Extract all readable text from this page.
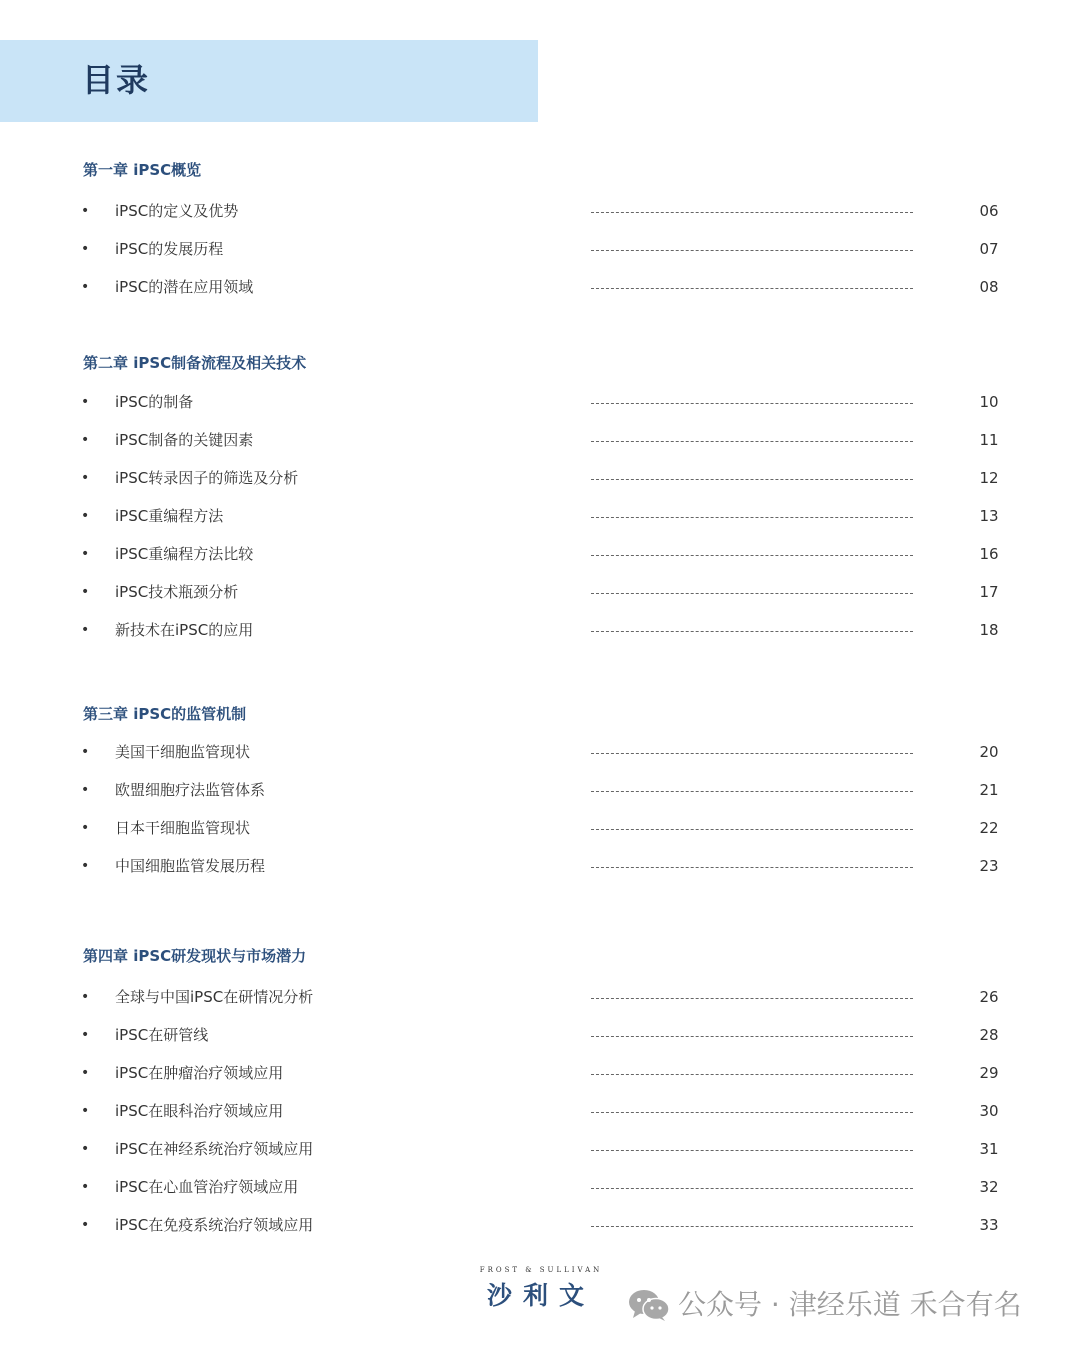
目录
第一章 iPSC概览
• iPSC的定义及优势	06
• iPSC的发展历程	07
• iPSC的潜在应用领域	08
第二章 iPSC制备流程及相关技术
• iPSC的制备	10
• iPSC制备的关键因素	11
• iPSC转录因子的筛选及分析	12
• iPSC重编程方法	13
• iPSC重编程方法比较	16
• iPSC技术瓶颈分析	17
• 新技术在iPSC的应用	18
第三章 iPSC的监管机制
• 美国干细胞监管现状	20
• 欧盟细胞疗法监管体系	21
• 日本干细胞监管现状	22
• 中国细胞监管发展历程	23
第四章 iPSC研发现状与市场潜力
• 全球与中国iPSC在研情况分析	26
• iPSC在研管线	28
• iPSC在肿瘤治疗领域应用	29
• iPSC在眼科治疗领域应用	30
• iPSC在神经系统治疗领域应用	31
• iPSC在心血管治疗领域应用	32
• iPSC在免疫系统治疗领域应用	33
FROST & SULLIVAN
沙利文	公众号 · 津经乐道 禾合有名
